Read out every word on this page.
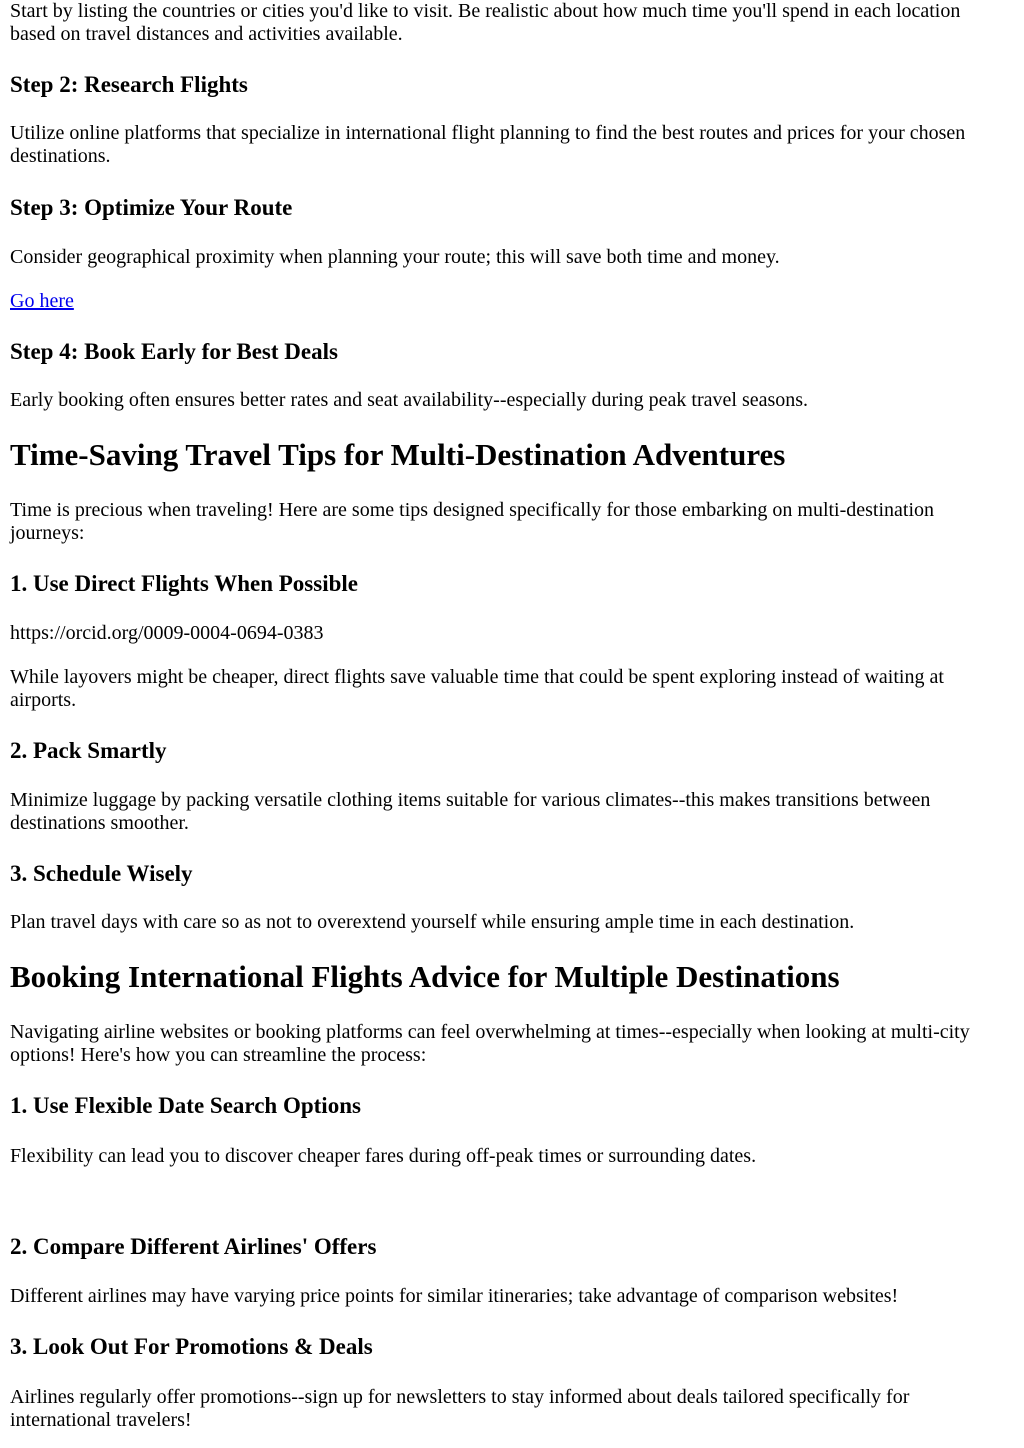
Start by listing the countries or cities you'd like to visit. Be realistic about how much time you'll spend in each location
based on travel distances and activities available.

Step 2: Research Flights

Utilize online platforms that specialize in international flight planning to find the best routes and prices for your chosen
destinations.

Step 3: Optimize Your Route

Consider geographical proximity when planning your route; this will save both time and money.

Go here
Step 4: Book Early for Best Deals

Early booking often ensures better rates and seat availability--especially during peak travel seasons.

Time-Saving Travel Tips for Multi-Destination Adventures

Time is precious when traveling! Here are some tips designed specifically for those embarking on multi-destination
journeys:

1. Use Direct Flights When Possible

https://orcid.org/0009-0004-0694-0383

While layovers might be cheaper, direct flights save valuable time that could be spent exploring instead of waiting at
airports.

2. Pack Smartly

Minimize luggage by packing versatile clothing items suitable for various climates--this makes transitions between
destinations smoother.

3. Schedule Wisely

Plan travel days with care so as not to overextend yourself while ensuring ample time in each destination.

Booking International Flights Advice for Multiple Destinations

Navigating airline websites or booking platforms can feel overwhelming at times--especially when looking at multi-city
options! Here's how you can streamline the process:

1. Use Flexible Date Search Options

Flexibility can lead you to discover cheaper fares during off-peak times or surrounding dates.

2. Compare Different Airlines' Offers

Different airlines may have varying price points for similar itineraries; take advantage of comparison websites!

3. Look Out For Promotions & Deals

Airlines regularly offer promotions--sign up for newsletters to stay informed about deals tailored specifically for
international travelers!
